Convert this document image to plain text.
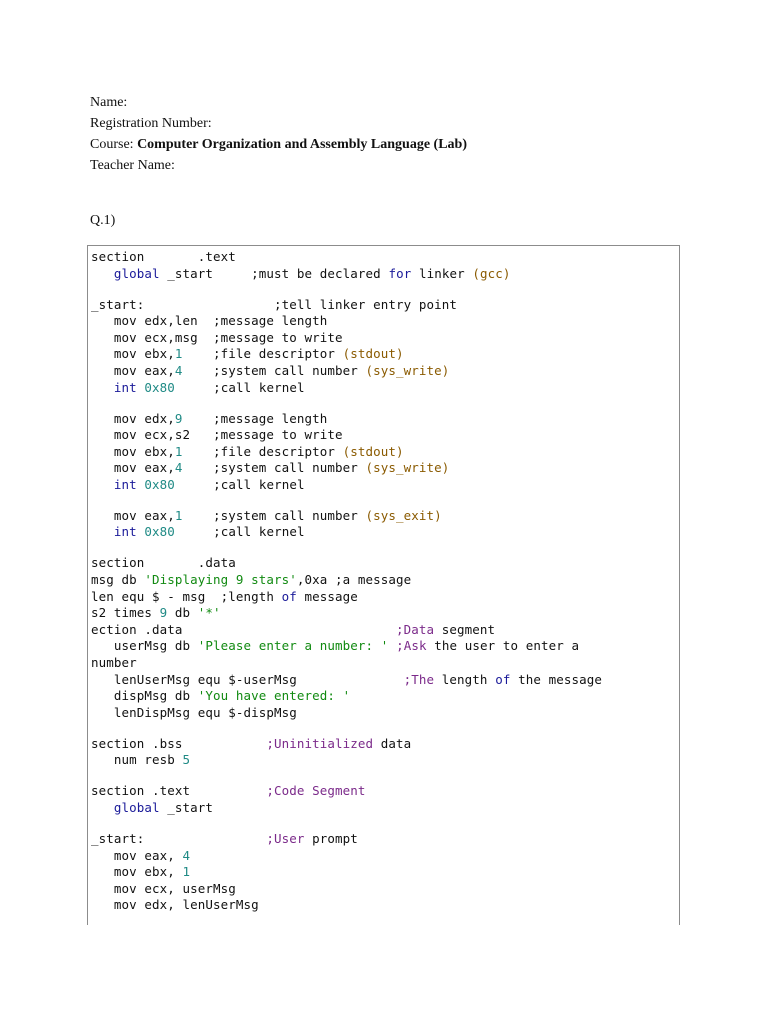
Name:
Registration Number:
Course: Computer Organization and Assembly Language (Lab)
Teacher Name:
Q.1)
section       .text
global _start     ;must be declared for linker (gcc)
_start:                 ;tell linker entry point
mov edx,len  ;message length
mov ecx,msg  ;message to write
mov ebx,1    ;file descriptor (stdout)
mov eax,4    ;system call number (sys_write)
int 0x80     ;call kernel
mov edx,9    ;message length
mov ecx,s2   ;message to write
mov ebx,1    ;file descriptor (stdout)
mov eax,4    ;system call number (sys_write)
int 0x80     ;call kernel
mov eax,1    ;system call number (sys_exit)
int 0x80     ;call kernel
section       .data
msg db 'Displaying 9 stars',0xa ;a message
len equ $ - msg  ;length of message
s2 times 9 db '*'
ection .data                            ;Data segment
userMsg db 'Please enter a number: ' ;Ask the user to enter a
number
lenUserMsg equ $-userMsg              ;The length of the message
dispMsg db 'You have entered: '
lenDispMsg equ $-dispMsg
section .bss           ;Uninitialized data
num resb 5
section .text          ;Code Segment
global _start
_start:                ;User prompt
mov eax, 4
mov ebx, 1
mov ecx, userMsg
mov edx, lenUserMsg
